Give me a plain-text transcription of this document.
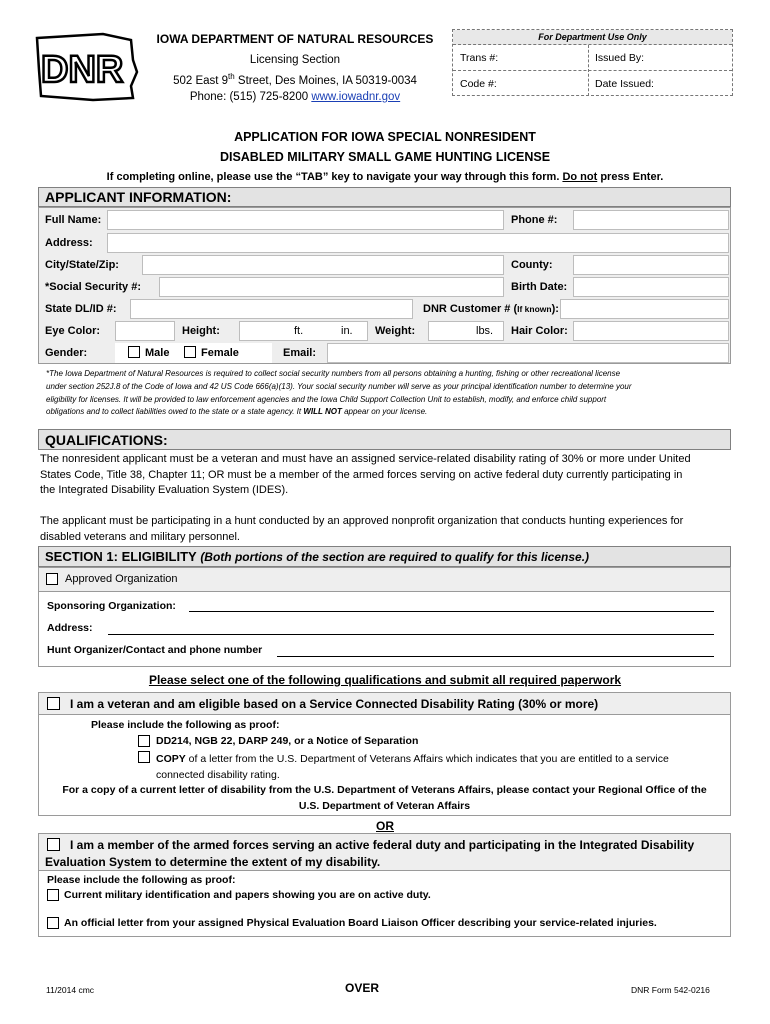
DNR
IOWA DEPARTMENT OF NATURAL RESOURCES
Licensing Section
502 East 9th Street, Des Moines, IA 50319-0034
Phone: (515) 725-8200 www.iowadnr.gov
For Department Use Only
Trans #:	Issued By:
Code #:	Date Issued:
APPLICATION FOR IOWA SPECIAL NONRESIDENT
DISABLED MILITARY SMALL GAME HUNTING LICENSE
If completing online, please use the “TAB” key to navigate your way through this form. Do not press Enter.
APPLICANT INFORMATION:
Full Name:	Phone #:
Address:
City/State/Zip:	County:
*Social Security #:	Birth Date:
State DL/ID #:	DNR Customer # ( If known ):
Eye Color:	Height:	ft.	in.	Weight:	lbs.	Hair Color:
Gender:	Male	Female	Email:
*The Iowa Department of Natural Resources is required to collect social security numbers from all persons obtaining a hunting, fishing or other recreational license
under section 252J.8 of the Code of Iowa and 42 US Code 666(a)(13). Your social security number will serve as your principal identification number to determine your
eligibility for licenses. It will be provided to law enforcement agencies and the Iowa Child Support Collection Unit to establish, modify, and enforce child support
obligations and to collect liabilities owed to the state or a state agency. It WILL NOT appear on your license.
QUALIFICATIONS:
The nonresident applicant must be a veteran and must have an assigned service-related disability rating of 30% or more under United
States Code, Title 38, Chapter 11; OR must be a member of the armed forces serving on active federal duty currently participating in
the Integrated Disability Evaluation System (IDES).
The applicant must be participating in a hunt conducted by an approved nonprofit organization that conducts hunting experiences for
disabled veterans and military personnel.
SECTION 1: ELIGIBILITY
(Both portions of the section are required to qualify for this license.)
Approved Organization
Sponsoring Organization:
Address:
Hunt Organizer/Contact and phone number
Please select one of the following qualifications and submit all required paperwork
I am a veteran and am eligible based on a Service Connected Disability Rating (30% or more)
Please include the following as proof:
DD214, NGB 22, DARP 249, or a Notice of Separation
COPY of a letter from the U.S. Department of Veterans Affairs which indicates that you are entitled to a service
connected disability rating.
For a copy of a current letter of disability from the U.S. Department of Veterans Affairs, please contact your Regional Office of the
U.S. Department of Veteran Affairs
OR
I am a member of the armed forces serving an active federal duty and participating in the Integrated Disability
Evaluation System to determine the extent of my disability.
Please include the following as proof:
Current military identification and papers showing you are on active duty.
An official letter from your assigned Physical Evaluation Board Liaison Officer describing your service-related injuries.
11/2014 cmc	OVER	DNR Form 542-0216
